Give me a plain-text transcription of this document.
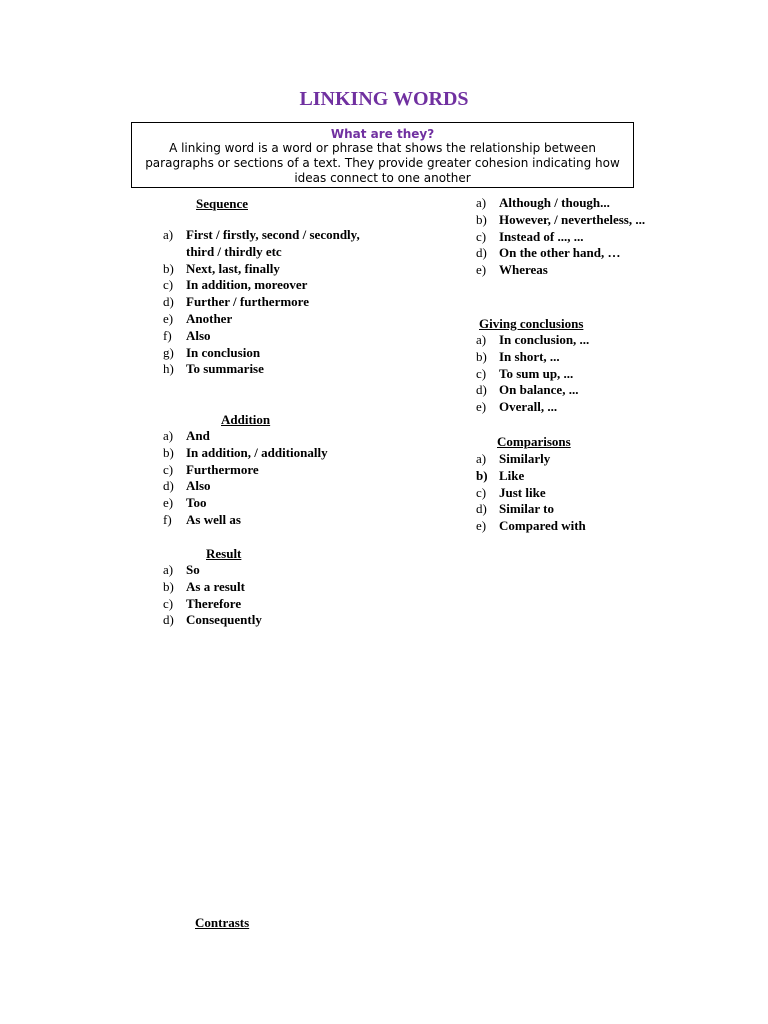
LINKING WORDS
What are they?
A linking word is a word or phrase that shows the relationship between paragraphs or sections of a text. They provide greater cohesion indicating how ideas connect to one another
Sequence
a) First / firstly, second / secondly, third / thirdly etc
b) Next, last, finally
c) In addition, moreover
d) Further / furthermore
e) Another
f) Also
g) In conclusion
h) To summarise
Addition
a) And
b) In addition, / additionally
c) Furthermore
d) Also
e) Too
f) As well as
Result
a) So
b) As a result
c) Therefore
d) Consequently
Contrasts
a) Although / though...
b) However, / nevertheless, ...
c) Instead of ..., ...
d) On the other hand, …
e) Whereas
Giving conclusions
a) In conclusion, ...
b) In short, ...
c) To sum up, ...
d) On balance, ...
e) Overall, ...
Comparisons
a) Similarly
b) Like
c) Just like
d) Similar to
e) Compared with
